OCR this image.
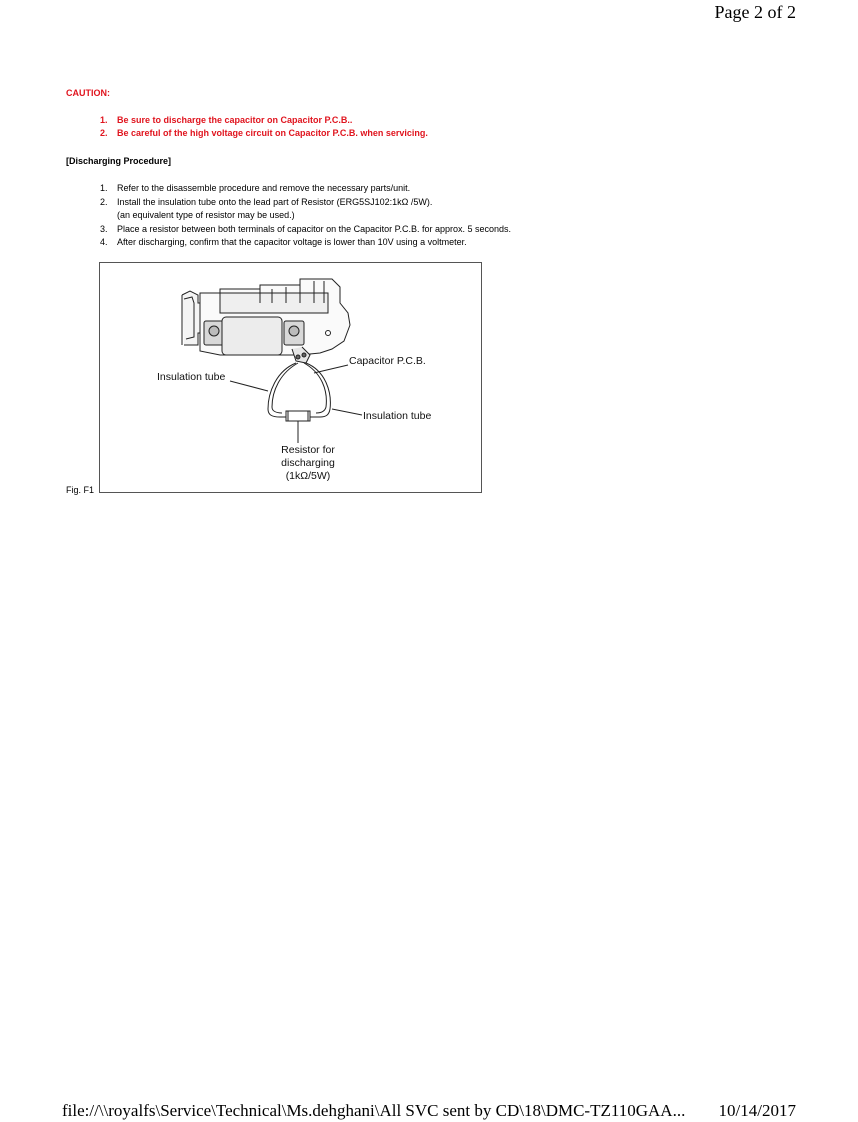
Page 2 of 2
CAUTION:
1. Be sure to discharge the capacitor on Capacitor P.C.B..
2. Be careful of the high voltage circuit on Capacitor P.C.B. when servicing.
[Discharging Procedure]
1. Refer to the disassemble procedure and remove the necessary parts/unit.
2. Install the insulation tube onto the lead part of Resistor (ERG5SJ102:1kΩ /5W).
(an equivalent type of resistor may be used.)
3. Place a resistor between both terminals of capacitor on the Capacitor P.C.B. for approx. 5 seconds.
4. After discharging, confirm that the capacitor voltage is lower than 10V using a voltmeter.
Capacitor P.C.B.
Insulation tube
Insulation tube
Resistor for
discharging
(1kΩ/5W)
Fig. F1
file://\\royalfs\Service\Technical\Ms.dehghani\All SVC sent by CD\18\DMC-TZ110GAA... 10/14/2017
